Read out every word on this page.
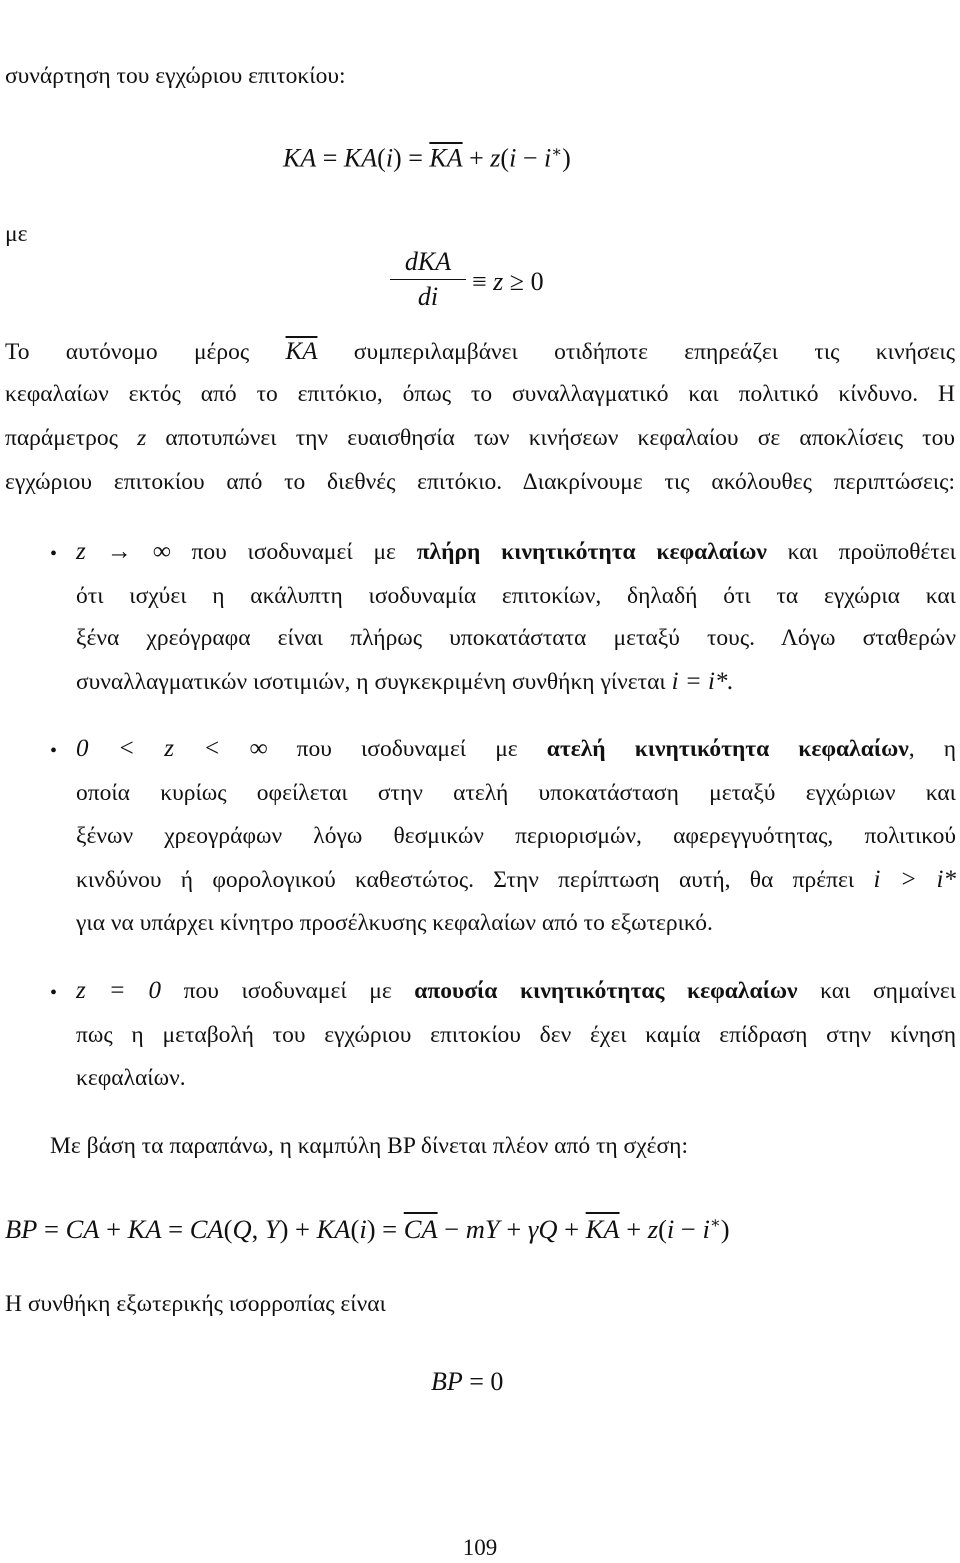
συνάρτηση του εγχώριου επιτοκίου:
KA = $KA(i) = \overline{KA} + z(i - i^∗)$
με
dKA
di
≡ z ≥ 0
Το αυτόνομο μέρος $\overline{KA}$ συμπεριλαμβάνει οτιδήποτε επηρεάζει τις κινήσεις
κεφαλαίων εκτός από το επιτόκιο, όπως το συναλλαγματικό και πολιτικό κίνδυνο. Η
παράμετρος z αποτυπώνει την ευαισθησία των κινήσεων κεφαλαίου σε αποκλίσεις του
εγχώριου επιτοκίου από το διεθνές επιτόκιο. Διακρίνουμε τις ακόλουθες περιπτώσεις:
• z → ∞ που ισοδυναμεί με πλήρη κινητικότητα κεφαλαίων και προϋποθέτει
ότι ισχύει η ακάλυπτη ισοδυναμία επιτοκίων, δηλαδή ότι τα εγχώρια και
ξένα χρεόγραφα είναι πλήρως υποκατάστατα μεταξύ τους. Λόγω σταθερών
συναλλαγματικών ισοτιμιών, η συγκεκριμένη συνθήκη γίνεται i = i*.
• 0 < z < ∞ που ισοδυναμεί με ατελή κινητικότητα κεφαλαίων, η
οποία κυρίως οφείλεται στην ατελή υποκατάσταση μεταξύ εγχώριων και
ξένων χρεογράφων λόγω θεσμικών περιορισμών, αφερεγγυότητας, πολιτικού
κινδύνου ή φορολογικού καθεστώτος. Στην περίπτωση αυτή, θα πρέπει i > i*
για να υπάρχει κίνητρο προσέλκυσης κεφαλαίων από το εξωτερικό.
• z = 0 που ισοδυναμεί με απουσία κινητικότητας κεφαλαίων και σημαίνει
πως η μεταβολή του εγχώριου επιτοκίου δεν έχει καμία επίδραση στην κίνηση
κεφαλαίων.
Με βάση τα παραπάνω, η καμπύλη BP δίνεται πλέον από τη σχέση:
BP = CA + KA = CA(Q, $Y) + KA(i) = \overline{CA}$ − mY + $\gamma Q + \overline{KA} + z(i - i^∗)$
Η συνθήκη εξωτερικής ισορροπίας είναι
BP = 0
109
